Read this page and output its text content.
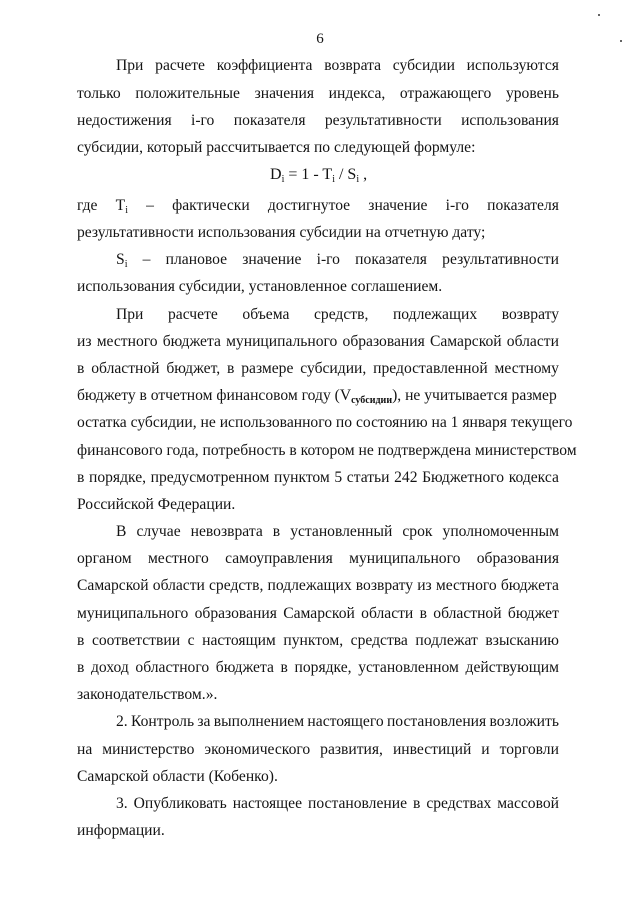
6
При расчете коэффициента возврата субсидии используются
только положительные значения индекса, отражающего уровень
недостижения i-го показателя результативности использования
субсидии, который рассчитывается по следующей формуле:
$D_i = 1 - T_i / S_i$ ,
где $T_i$ – фактически достигнутое значение i-го показателя
результативности использования субсидии на отчетную дату;
$S_i$ – плановое значение i-го показателя результативности
использования субсидии, установленное соглашением.
При расчете объема средств, подлежащих возврату
из местного бюджета муниципального образования Самарской области
в областной бюджет, в размере субсидии, предоставленной местному
бюджету в отчетном финансовом году (Vсубсидии), не учитывается размер
остатка субсидии, не использованного по состоянию на 1 января текущего
финансового года, потребность в котором не подтверждена министерством
в порядке, предусмотренном пунктом 5 статьи 242 Бюджетного кодекса
Российской Федерации.
В случае невозврата в установленный срок уполномоченным
органом местного самоуправления муниципального образования
Самарской области средств, подлежащих возврату из местного бюджета
муниципального образования Самарской области в областной бюджет
в соответствии с настоящим пунктом, средства подлежат взысканию
в доход областного бюджета в порядке, установленном действующим
законодательством.».
2. Контроль за выполнением настоящего постановления возложить
на министерство экономического развития, инвестиций и торговли
Самарской области (Кобенко).
3. Опубликовать настоящее постановление в средствах массовой
информации.
